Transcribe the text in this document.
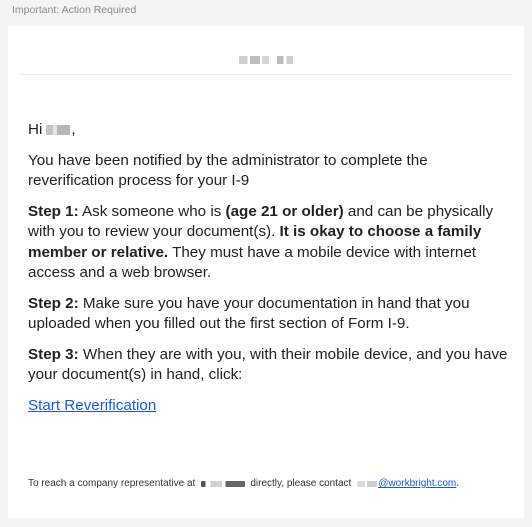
Important: Action Required

Hi ,

You have been notified by the administrator to complete the reverification process for your I-9

Step 1: Ask someone who is (age 21 or older) and can be physically with you to review your document(s). It is okay to choose a family member or relative. They must have a mobile device with internet access and a web browser.

Step 2: Make sure you have your documentation in hand that you uploaded when you filled out the first section of Form I-9.

Step 3: When they are with you, with their mobile device, and you have your document(s) in hand, click:

Start Reverification
To reach a company representative at	directly, please contact	@workbright.com .
